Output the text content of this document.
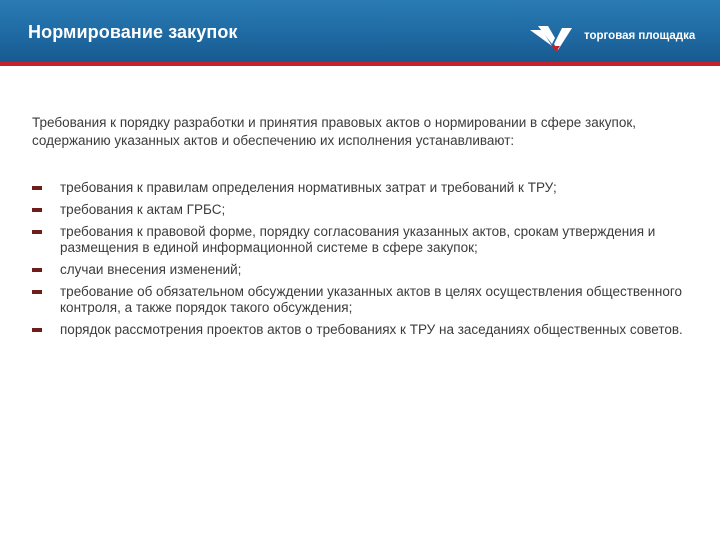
Нормирование закупок	торговая площадка
Требования к порядку разработки и принятия правовых актов о нормировании в сфере закупок, содержанию указанных актов и обеспечению их исполнения устанавливают:
требования к правилам определения нормативных затрат и требований к ТРУ;
требования к актам ГРБС;
требования к правовой форме, порядку согласования указанных актов, срокам утверждения и размещения в единой информационной системе в сфере закупок;
случаи внесения изменений;
требование об обязательном обсуждении указанных актов в целях осуществления общественного контроля, а также порядок такого обсуждения;
порядок рассмотрения проектов актов о требованиях к ТРУ на заседаниях общественных советов.
